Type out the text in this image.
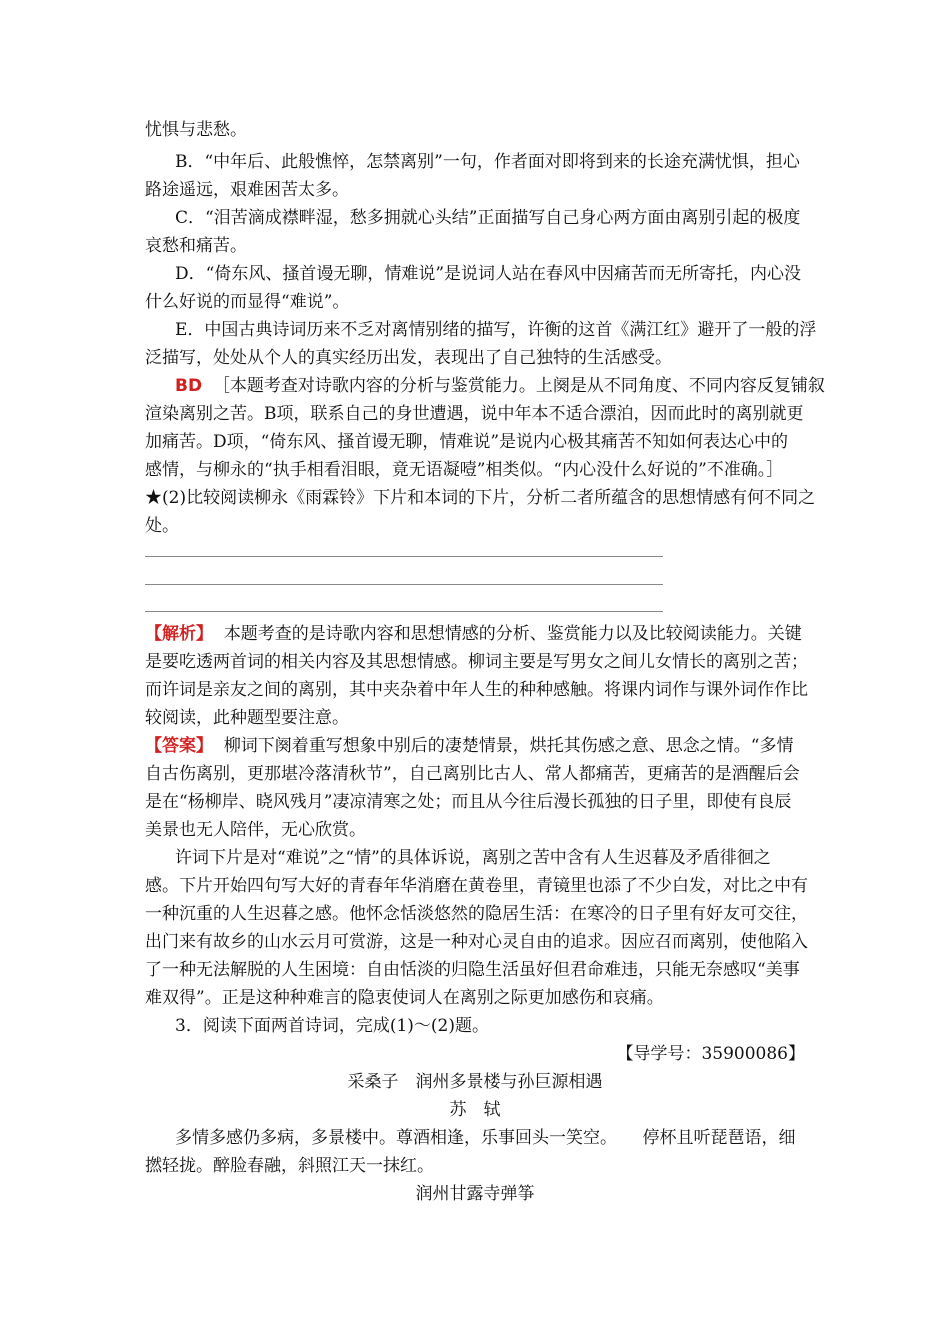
忧惧与悲愁。

B．“中年后、此般憔悴，怎禁离别”一句，作者面对即将到来的长途充满忧惧，担心

路途遥远，艰难困苦太多。

C．“泪苦滴成襟畔湿，愁多拥就心头结”正面描写自己身心两方面由离别引起的极度

哀愁和痛苦。

D．“倚东风、搔首谩无聊，情难说”是说词人站在春风中因痛苦而无所寄托，内心没

什么好说的而显得“难说”。

E．中国古典诗词历来不乏对离情别绪的描写，许衡的这首《满江红》避开了一般的浮

泛描写，处处从个人的真实经历出发，表现出了自己独特的生活感受。

BD ［本题考查对诗歌内容的分析与鉴赏能力。上阕是从不同角度、不同内容反复铺叙

渲染离别之苦。B项，联系自己的身世遭遇，说中年本不适合漂泊，因而此时的离别就更

加痛苦。D项，“倚东风、搔首谩无聊，情难说”是说内心极其痛苦不知如何表达心中的

感情，与柳永的“执手相看泪眼，竟无语凝噎”相类似。“内心没什么好说的”不准确。］

★(2)比较阅读柳永《雨霖铃》下片和本词的下片，分析二者所蕴含的思想情感有何不同之

处。

【解析】 本题考查的是诗歌内容和思想情感的分析、鉴赏能力以及比较阅读能力。关键

是要吃透两首词的相关内容及其思想情感。柳词主要是写男女之间儿女情长的离别之苦；

而许词是亲友之间的离别，其中夹杂着中年人生的种种感触。将课内词作与课外词作作比

较阅读，此种题型要注意。

【答案】 柳词下阕着重写想象中别后的凄楚情景，烘托其伤感之意、思念之情。“多情

自古伤离别，更那堪冷落清秋节”，自己离别比古人、常人都痛苦，更痛苦的是酒醒后会

是在“杨柳岸、晓风残月”凄凉清寒之处；而且从今往后漫长孤独的日子里，即使有良辰

美景也无人陪伴，无心欣赏。

许词下片是对“难说”之“情”的具体诉说，离别之苦中含有人生迟暮及矛盾徘徊之

感。下片开始四句写大好的青春年华消磨在黄卷里，青镜里也添了不少白发，对比之中有

一种沉重的人生迟暮之感。他怀念恬淡悠然的隐居生活：在寒冷的日子里有好友可交往，

出门来有故乡的山水云月可赏游，这是一种对心灵自由的追求。因应召而离别，使他陷入

了一种无法解脱的人生困境：自由恬淡的归隐生活虽好但君命难违，只能无奈感叹“美事

难双得”。正是这种种难言的隐衷使词人在离别之际更加感伤和哀痛。

3．阅读下面两首诗词，完成(1)～(2)题。

【导学号：35900086】

采桑子　润州多景楼与孙巨源相遇

苏　轼

多情多感仍多病，多景楼中。尊酒相逢，乐事回头一笑空。　　停杯且听琵琶语，细

撚轻拢。醉脸春融，斜照江天一抹红。

润州甘露寺弹筝
